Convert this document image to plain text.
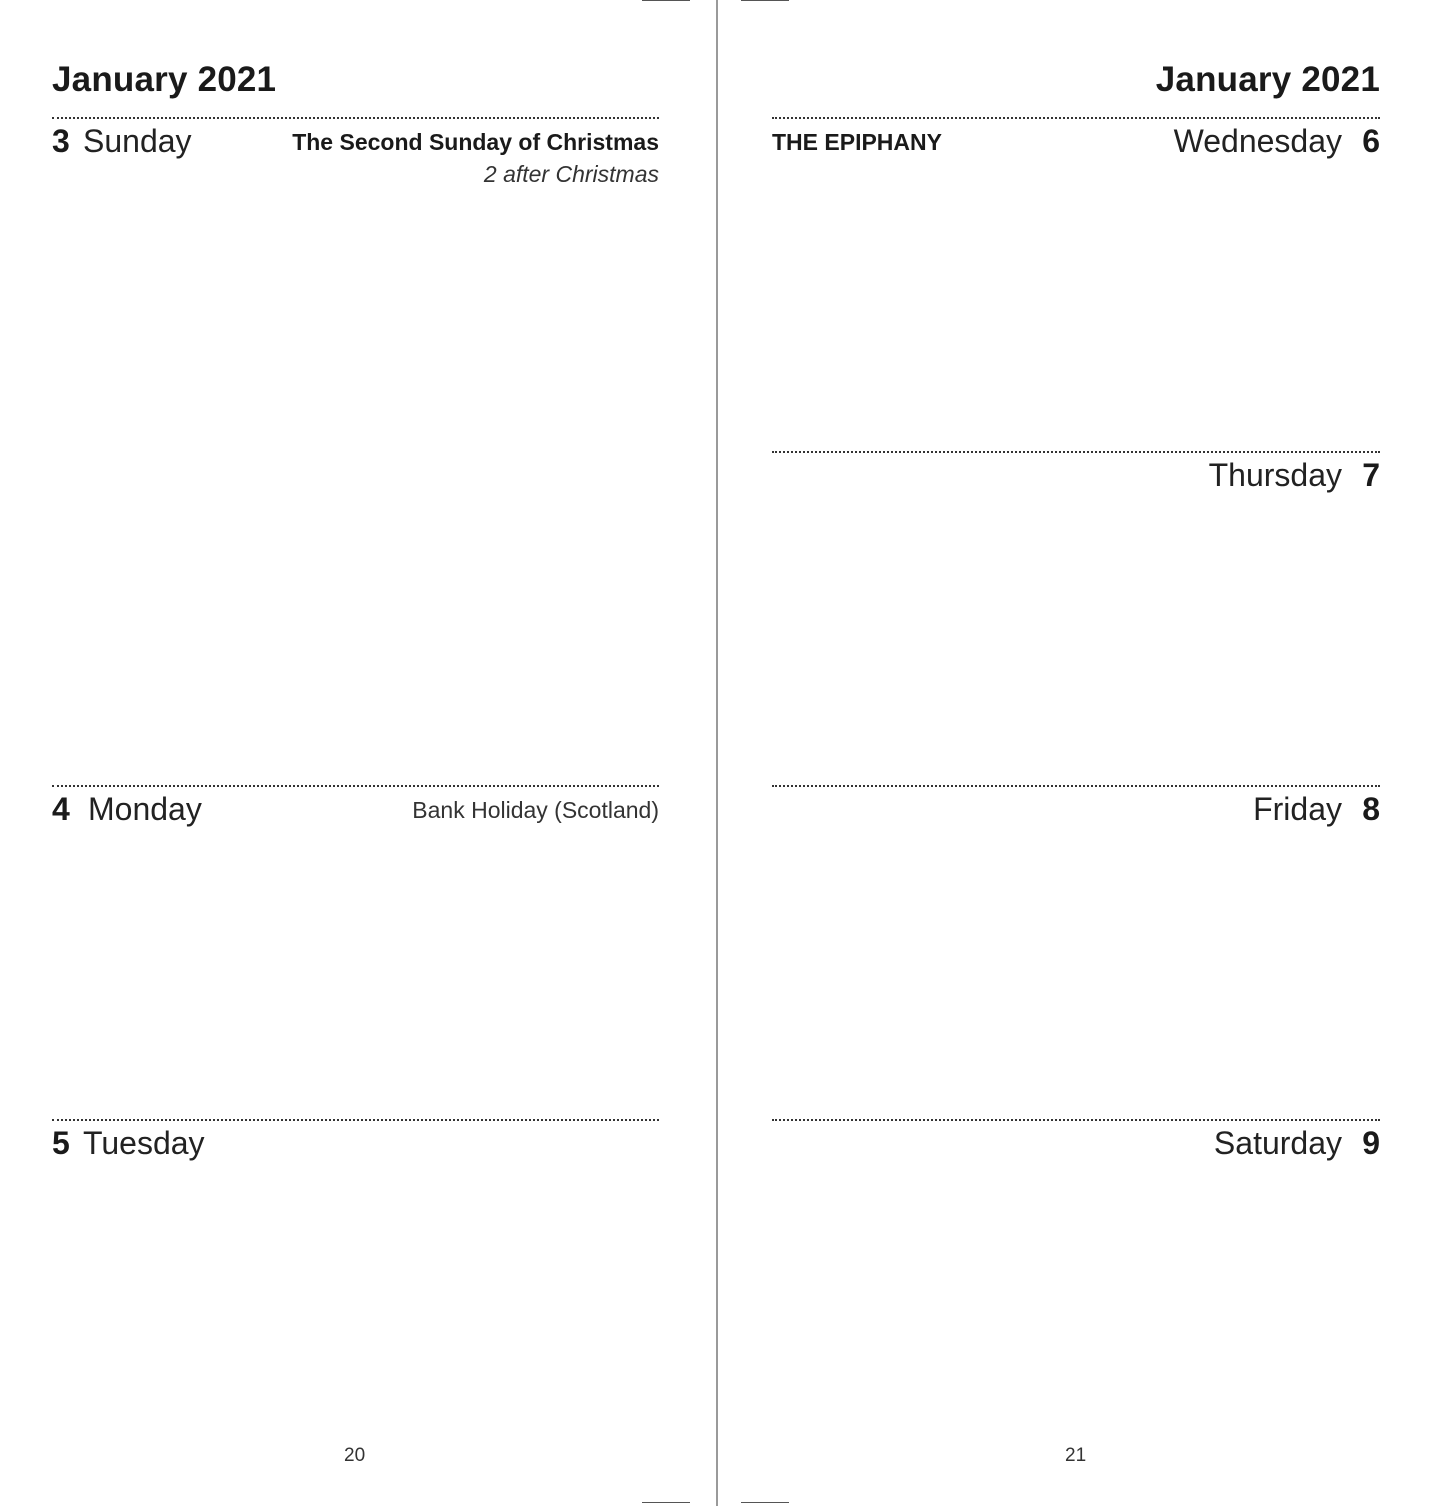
January 2021
3 Sunday	The Second Sunday of Christmas
2 after Christmas
4 Monday	Bank Holiday (Scotland)
5 Tuesday
20
January 2021
THE EPIPHANY	Wednesday 6
Thursday 7
Friday 8
Saturday 9
21
